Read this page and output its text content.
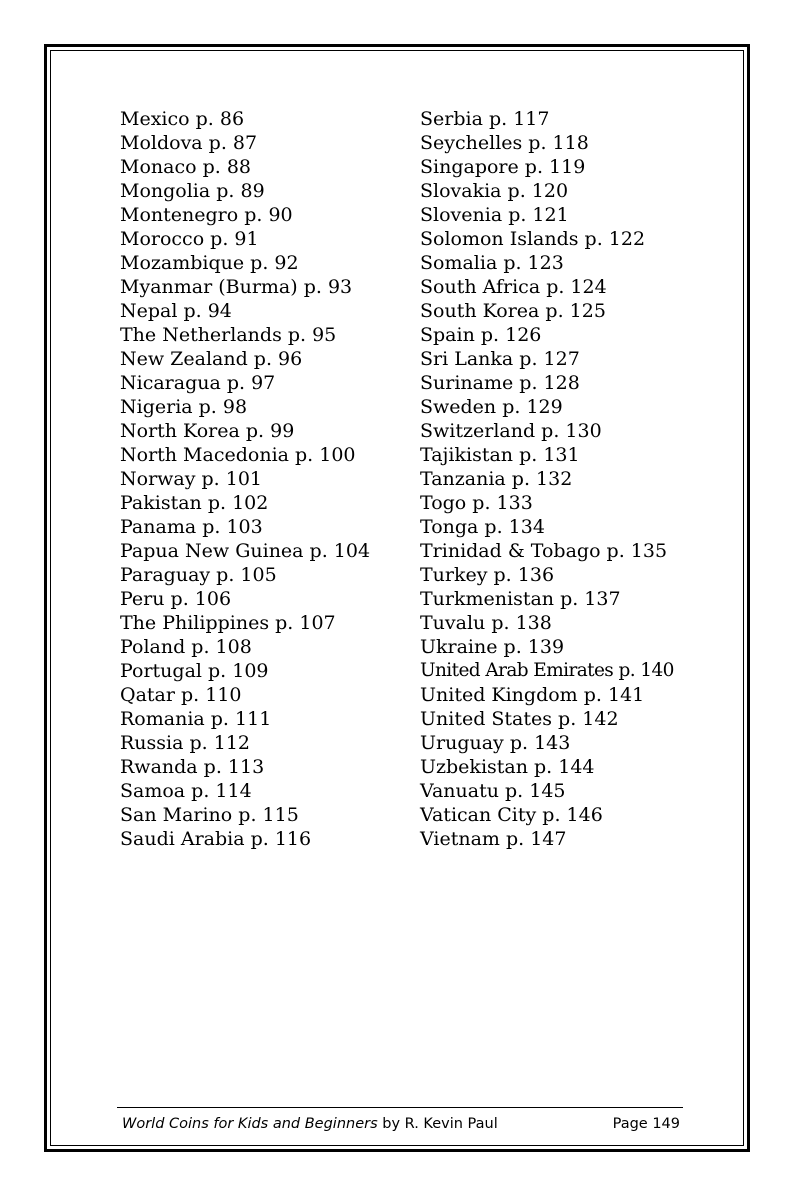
Mexico p. 86
Moldova p. 87
Monaco p. 88
Mongolia p. 89
Montenegro p. 90
Morocco p. 91
Mozambique p. 92
Myanmar (Burma) p. 93
Nepal p. 94
The Netherlands p. 95
New Zealand p. 96
Nicaragua p. 97
Nigeria p. 98
North Korea p. 99
North Macedonia p. 100
Norway p. 101
Pakistan p. 102
Panama p. 103
Papua New Guinea p. 104
Paraguay p. 105
Peru p. 106
The Philippines p. 107
Poland p. 108
Portugal p. 109
Qatar p. 110
Romania p. 111
Russia p. 112
Rwanda p. 113
Samoa p. 114
San Marino p. 115
Saudi Arabia p. 116
Serbia p. 117
Seychelles p. 118
Singapore p. 119
Slovakia p. 120
Slovenia p. 121
Solomon Islands p. 122
Somalia p. 123
South Africa p. 124
South Korea p. 125
Spain p. 126
Sri Lanka p. 127
Suriname p. 128
Sweden p. 129
Switzerland p. 130
Tajikistan p. 131
Tanzania p. 132
Togo p. 133
Tonga p. 134
Trinidad & Tobago p. 135
Turkey p. 136
Turkmenistan p. 137
Tuvalu p. 138
Ukraine p. 139
United Arab Emirates p. 140
United Kingdom p. 141
United States p. 142
Uruguay p. 143
Uzbekistan p. 144
Vanuatu p. 145
Vatican City p. 146
Vietnam p. 147
World Coins for Kids and Beginners by R. Kevin Paul	Page 149
